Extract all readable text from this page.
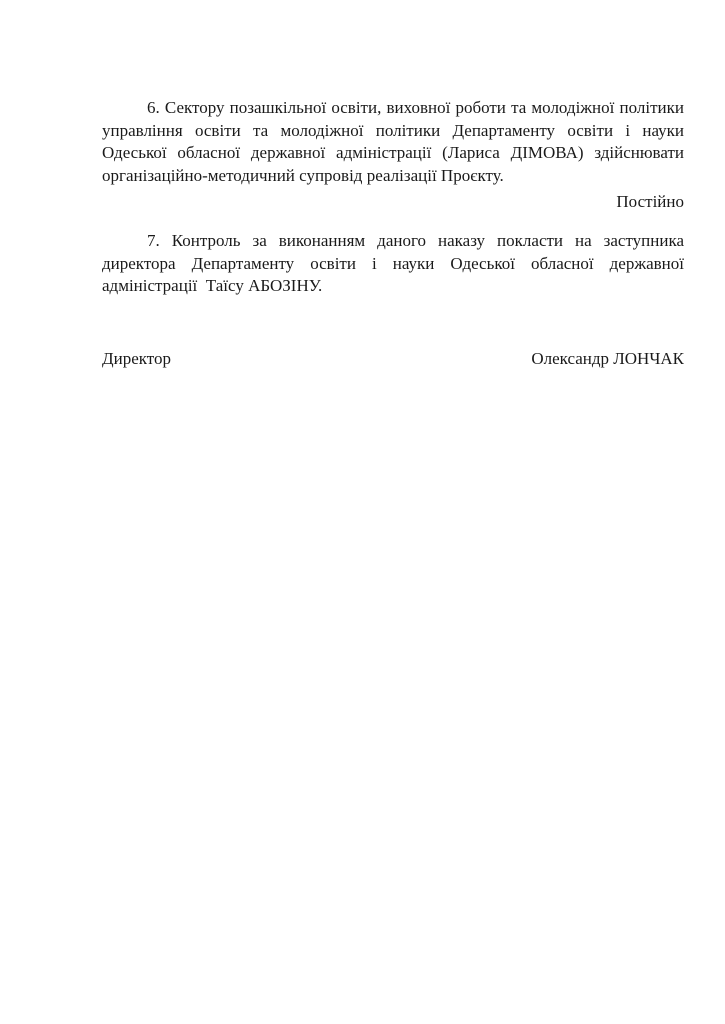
6. Сектору позашкільної освіти, виховної роботи та молодіжної політики управління освіти та молодіжної політики Департаменту освіти і науки Одеської обласної державної адміністрації (Лариса ДІМОВА) здійснювати організаційно-методичний супровід реалізації Проєкту.

Постійно

7. Контроль за виконанням даного наказу покласти на заступника директора Департаменту освіти і науки Одеської обласної державної адміністрації  Таїсу АБОЗІНУ.

Директор	Олександр ЛОНЧАК
